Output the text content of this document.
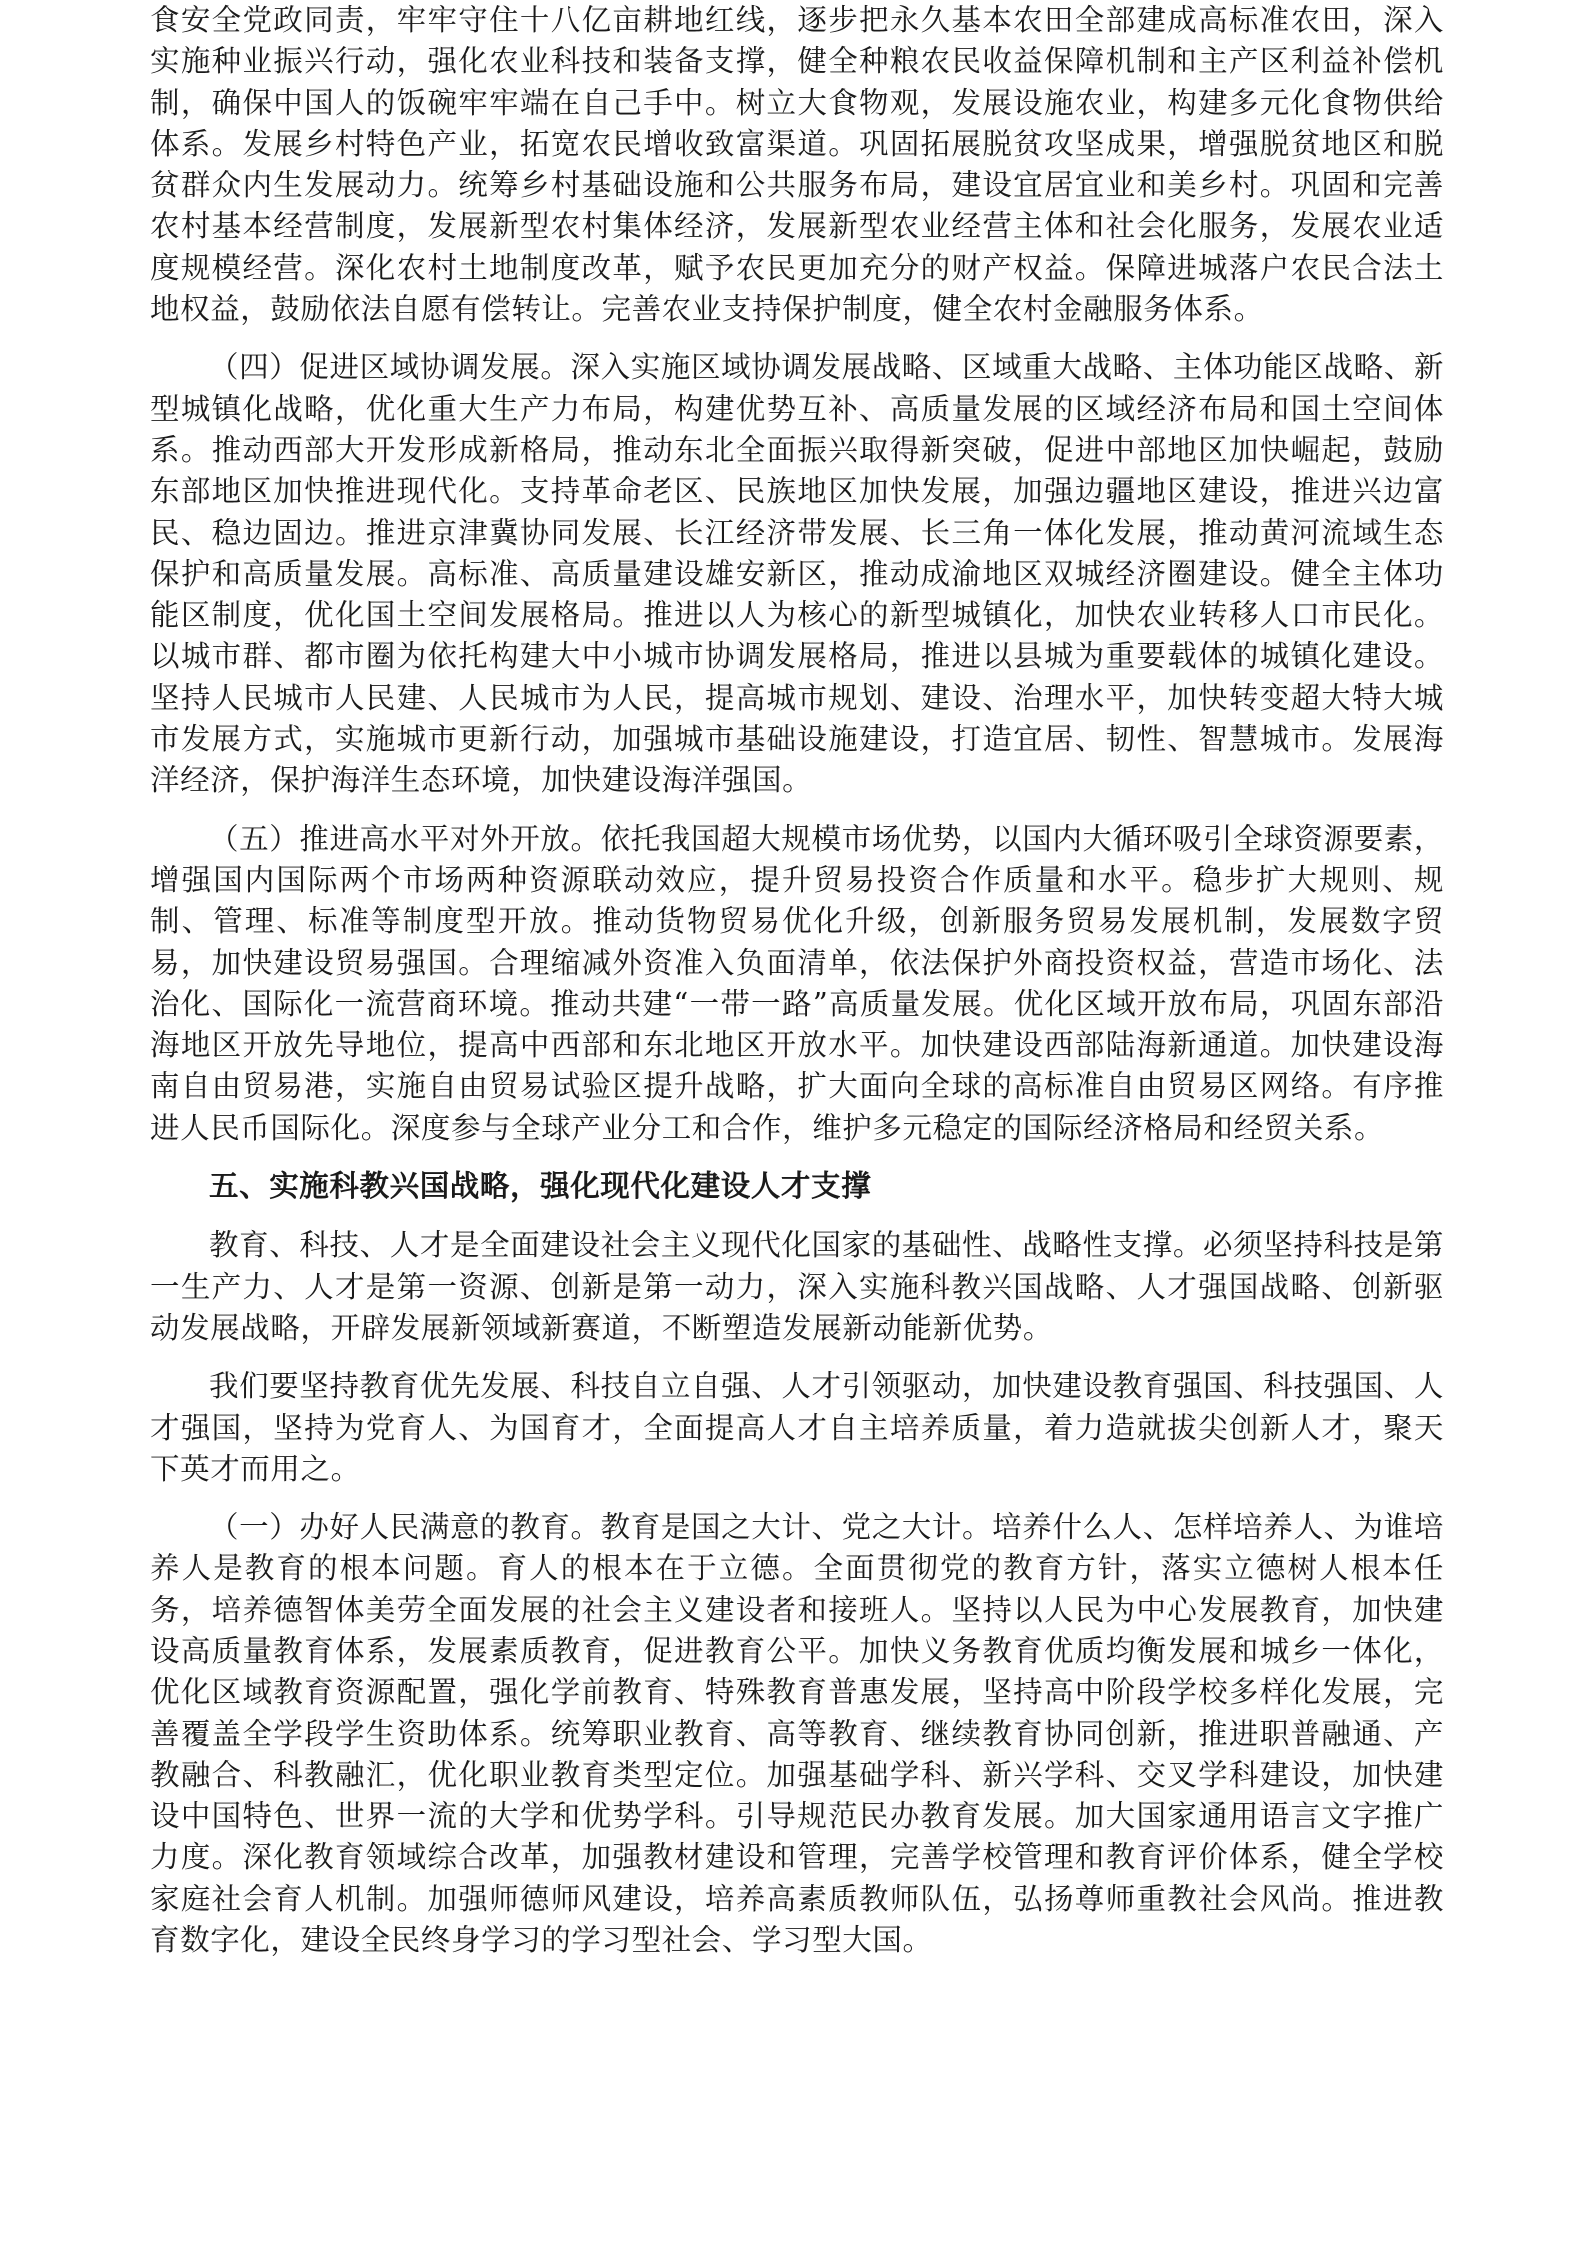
食安全党政同责，牢牢守住十八亿亩耕地红线，逐步把永久基本农田全部建成高标准农田，深入实施种业振兴行动，强化农业科技和装备支撑，健全种粮农民收益保障机制和主产区利益补偿机制，确保中国人的饭碗牢牢端在自己手中。树立大食物观，发展设施农业，构建多元化食物供给体系。发展乡村特色产业，拓宽农民增收致富渠道。巩固拓展脱贫攻坚成果，增强脱贫地区和脱贫群众内生发展动力。统筹乡村基础设施和公共服务布局，建设宜居宜业和美乡村。巩固和完善农村基本经营制度，发展新型农村集体经济，发展新型农业经营主体和社会化服务，发展农业适度规模经营。深化农村土地制度改革，赋予农民更加充分的财产权益。保障进城落户农民合法土地权益，鼓励依法自愿有偿转让。完善农业支持保护制度，健全农村金融服务体系。

（四）促进区域协调发展。深入实施区域协调发展战略、区域重大战略、主体功能区战略、新型城镇化战略，优化重大生产力布局，构建优势互补、高质量发展的区域经济布局和国土空间体系。推动西部大开发形成新格局，推动东北全面振兴取得新突破，促进中部地区加快崛起，鼓励东部地区加快推进现代化。支持革命老区、民族地区加快发展，加强边疆地区建设，推进兴边富民、稳边固边。推进京津冀协同发展、长江经济带发展、长三角一体化发展，推动黄河流域生态保护和高质量发展。高标准、高质量建设雄安新区，推动成渝地区双城经济圈建设。健全主体功能区制度，优化国土空间发展格局。推进以人为核心的新型城镇化，加快农业转移人口市民化。以城市群、都市圈为依托构建大中小城市协调发展格局，推进以县城为重要载体的城镇化建设。坚持人民城市人民建、人民城市为人民，提高城市规划、建设、治理水平，加快转变超大特大城市发展方式，实施城市更新行动，加强城市基础设施建设，打造宜居、韧性、智慧城市。发展海洋经济，保护海洋生态环境，加快建设海洋强国。

（五）推进高水平对外开放。依托我国超大规模市场优势，以国内大循环吸引全球资源要素，增强国内国际两个市场两种资源联动效应，提升贸易投资合作质量和水平。稳步扩大规则、规制、管理、标准等制度型开放。推动货物贸易优化升级，创新服务贸易发展机制，发展数字贸易，加快建设贸易强国。合理缩减外资准入负面清单，依法保护外商投资权益，营造市场化、法治化、国际化一流营商环境。推动共建“一带一路”高质量发展。优化区域开放布局，巩固东部沿海地区开放先导地位，提高中西部和东北地区开放水平。加快建设西部陆海新通道。加快建设海南自由贸易港，实施自由贸易试验区提升战略，扩大面向全球的高标准自由贸易区网络。有序推进人民币国际化。深度参与全球产业分工和合作，维护多元稳定的国际经济格局和经贸关系。

五、实施科教兴国战略，强化现代化建设人才支撑

教育、科技、人才是全面建设社会主义现代化国家的基础性、战略性支撑。必须坚持科技是第一生产力、人才是第一资源、创新是第一动力，深入实施科教兴国战略、人才强国战略、创新驱动发展战略，开辟发展新领域新赛道，不断塑造发展新动能新优势。

我们要坚持教育优先发展、科技自立自强、人才引领驱动，加快建设教育强国、科技强国、人才强国，坚持为党育人、为国育才，全面提高人才自主培养质量，着力造就拔尖创新人才，聚天下英才而用之。

（一）办好人民满意的教育。教育是国之大计、党之大计。培养什么人、怎样培养人、为谁培养人是教育的根本问题。育人的根本在于立德。全面贯彻党的教育方针，落实立德树人根本任务，培养德智体美劳全面发展的社会主义建设者和接班人。坚持以人民为中心发展教育，加快建设高质量教育体系，发展素质教育，促进教育公平。加快义务教育优质均衡发展和城乡一体化，优化区域教育资源配置，强化学前教育、特殊教育普惠发展，坚持高中阶段学校多样化发展，完善覆盖全学段学生资助体系。统筹职业教育、高等教育、继续教育协同创新，推进职普融通、产教融合、科教融汇，优化职业教育类型定位。加强基础学科、新兴学科、交叉学科建设，加快建设中国特色、世界一流的大学和优势学科。引导规范民办教育发展。加大国家通用语言文字推广力度。深化教育领域综合改革，加强教材建设和管理，完善学校管理和教育评价体系，健全学校家庭社会育人机制。加强师德师风建设，培养高素质教师队伍，弘扬尊师重教社会风尚。推进教育数字化，建设全民终身学习的学习型社会、学习型大国。
